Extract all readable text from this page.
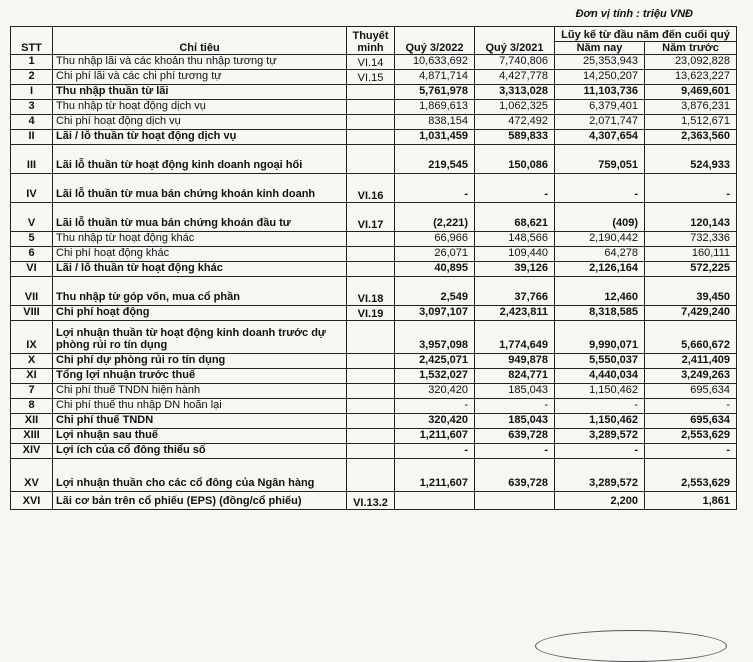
Đơn vị tính : triệu VNĐ
STT	Chỉ tiêu	Thuyết minh	Quý 3/2022	Quý 3/2021	Lũy kế từ đầu năm đến cuối quý	
					Năm nay	Năm trước
1	Thu nhập lãi và các khoản thu nhập tương tự	VI.14	10,633,692	7,740,806	25,353,943	23,092,828
2	Chi phí lãi và các chi phí tương tự	VI.15	4,871,714	4,427,778	14,250,207	13,623,227
I	Thu nhập thuần từ lãi		5,761,978	3,313,028	11,103,736	9,469,601
3	Thu nhập từ hoạt động dịch vụ		1,869,613	1,062,325	6,379,401	3,876,231
4	Chi phí hoạt động dịch vụ		838,154	472,492	2,071,747	1,512,671
II	Lãi / lỗ thuần từ hoạt động dịch vụ		1,031,459	589,833	4,307,654	2,363,560
III	Lãi lỗ thuần từ hoạt động kinh doanh ngoại hối		219,545	150,086	759,051	524,933
IV	Lãi lỗ thuần từ mua bán chứng khoán kinh doanh	VI.16	-	-	-	-
V	Lãi lỗ thuần từ mua bán chứng khoán đầu tư	VI.17	(2,221)	68,621	(409)	120,143
5	Thu nhập từ hoạt động khác		66,966	148,566	2,190,442	732,336
6	Chi phí hoạt động khác		26,071	109,440	64,278	160,111
VI	Lãi / lỗ thuần từ hoạt động khác		40,895	39,126	2,126,164	572,225
VII	Thu nhập từ góp vốn, mua cổ phần	VI.18	2,549	37,766	12,460	39,450
VIII	Chi phí hoạt động	VI.19	3,097,107	2,423,811	8,318,585	7,429,240
IX	Lợi nhuận thuần từ hoạt động kinh doanh trước dự phòng rủi ro tín dụng		3,957,098	1,774,649	9,990,071	5,660,672
X	Chi phí dự phòng rủi ro tín dụng		2,425,071	949,878	5,550,037	2,411,409
XI	Tổng lợi nhuận trước thuế		1,532,027	824,771	4,440,034	3,249,263
7	Chi phí thuế TNDN hiện hành		320,420	185,043	1,150,462	695,634
8	Chi phí thuế thu nhập DN hoãn lại		-	-	-	-
XII	Chi phí thuế TNDN		320,420	185,043	1,150,462	695,634
XIII	Lợi nhuận sau thuế		1,211,607	639,728	3,289,572	2,553,629
XIV	Lợi ích của cổ đông thiểu số		-	-	-	-
XV	Lợi nhuận thuần cho các cổ đông của Ngân hàng		1,211,607	639,728	3,289,572	2,553,629
XVI	Lãi cơ bản trên cổ phiếu (EPS) (đồng/cổ phiếu)	VI.13.2			2,200	1,861
